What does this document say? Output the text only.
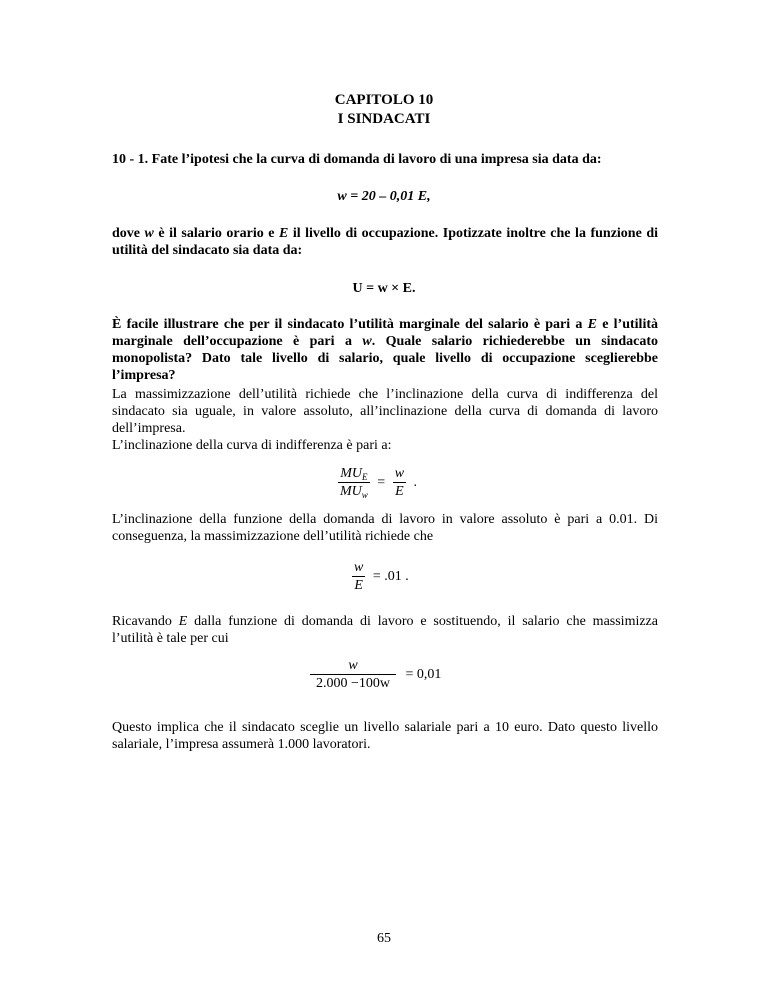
CAPITOLO 10
I SINDACATI
10 - 1. Fate l’ipotesi che la curva di domanda di lavoro di una impresa sia data da:
w = 20 – 0,01 E,
dove w è il salario orario e E il livello di occupazione. Ipotizzate inoltre che la funzione di utilità del sindacato sia data da:
U = w × E.
È facile illustrare che per il sindacato l’utilità marginale del salario è pari a E e l’utilità marginale dell’occupazione è pari a w. Quale salario richiederebbe un sindacato monopolista? Dato tale livello di salario, quale livello di occupazione sceglierebbe l’impresa?
La massimizzazione dell’utilità richiede che l’inclinazione della curva di indifferenza del sindacato sia uguale, in valore assoluto, all’inclinazione della curva di domanda di lavoro dell’impresa.
L’inclinazione della curva di indifferenza è pari a:
$\frac{MU_E}{MU_w} = \frac{w}{E}$ .
L’inclinazione della funzione della domanda di lavoro in valore assoluto è pari a 0.01. Di conseguenza, la massimizzazione dell’utilità richiede che
$\frac{w}{E} = .01$ .
Ricavando E dalla funzione di domanda di lavoro e sostituendo, il salario che massimizza l’utilità è tale per cui
$\frac{w}{2.000 -100w} = 0,01$
Questo implica che il sindacato sceglie un livello salariale pari a 10 euro. Dato questo livello salariale, l’impresa assumerà 1.000 lavoratori.
65
